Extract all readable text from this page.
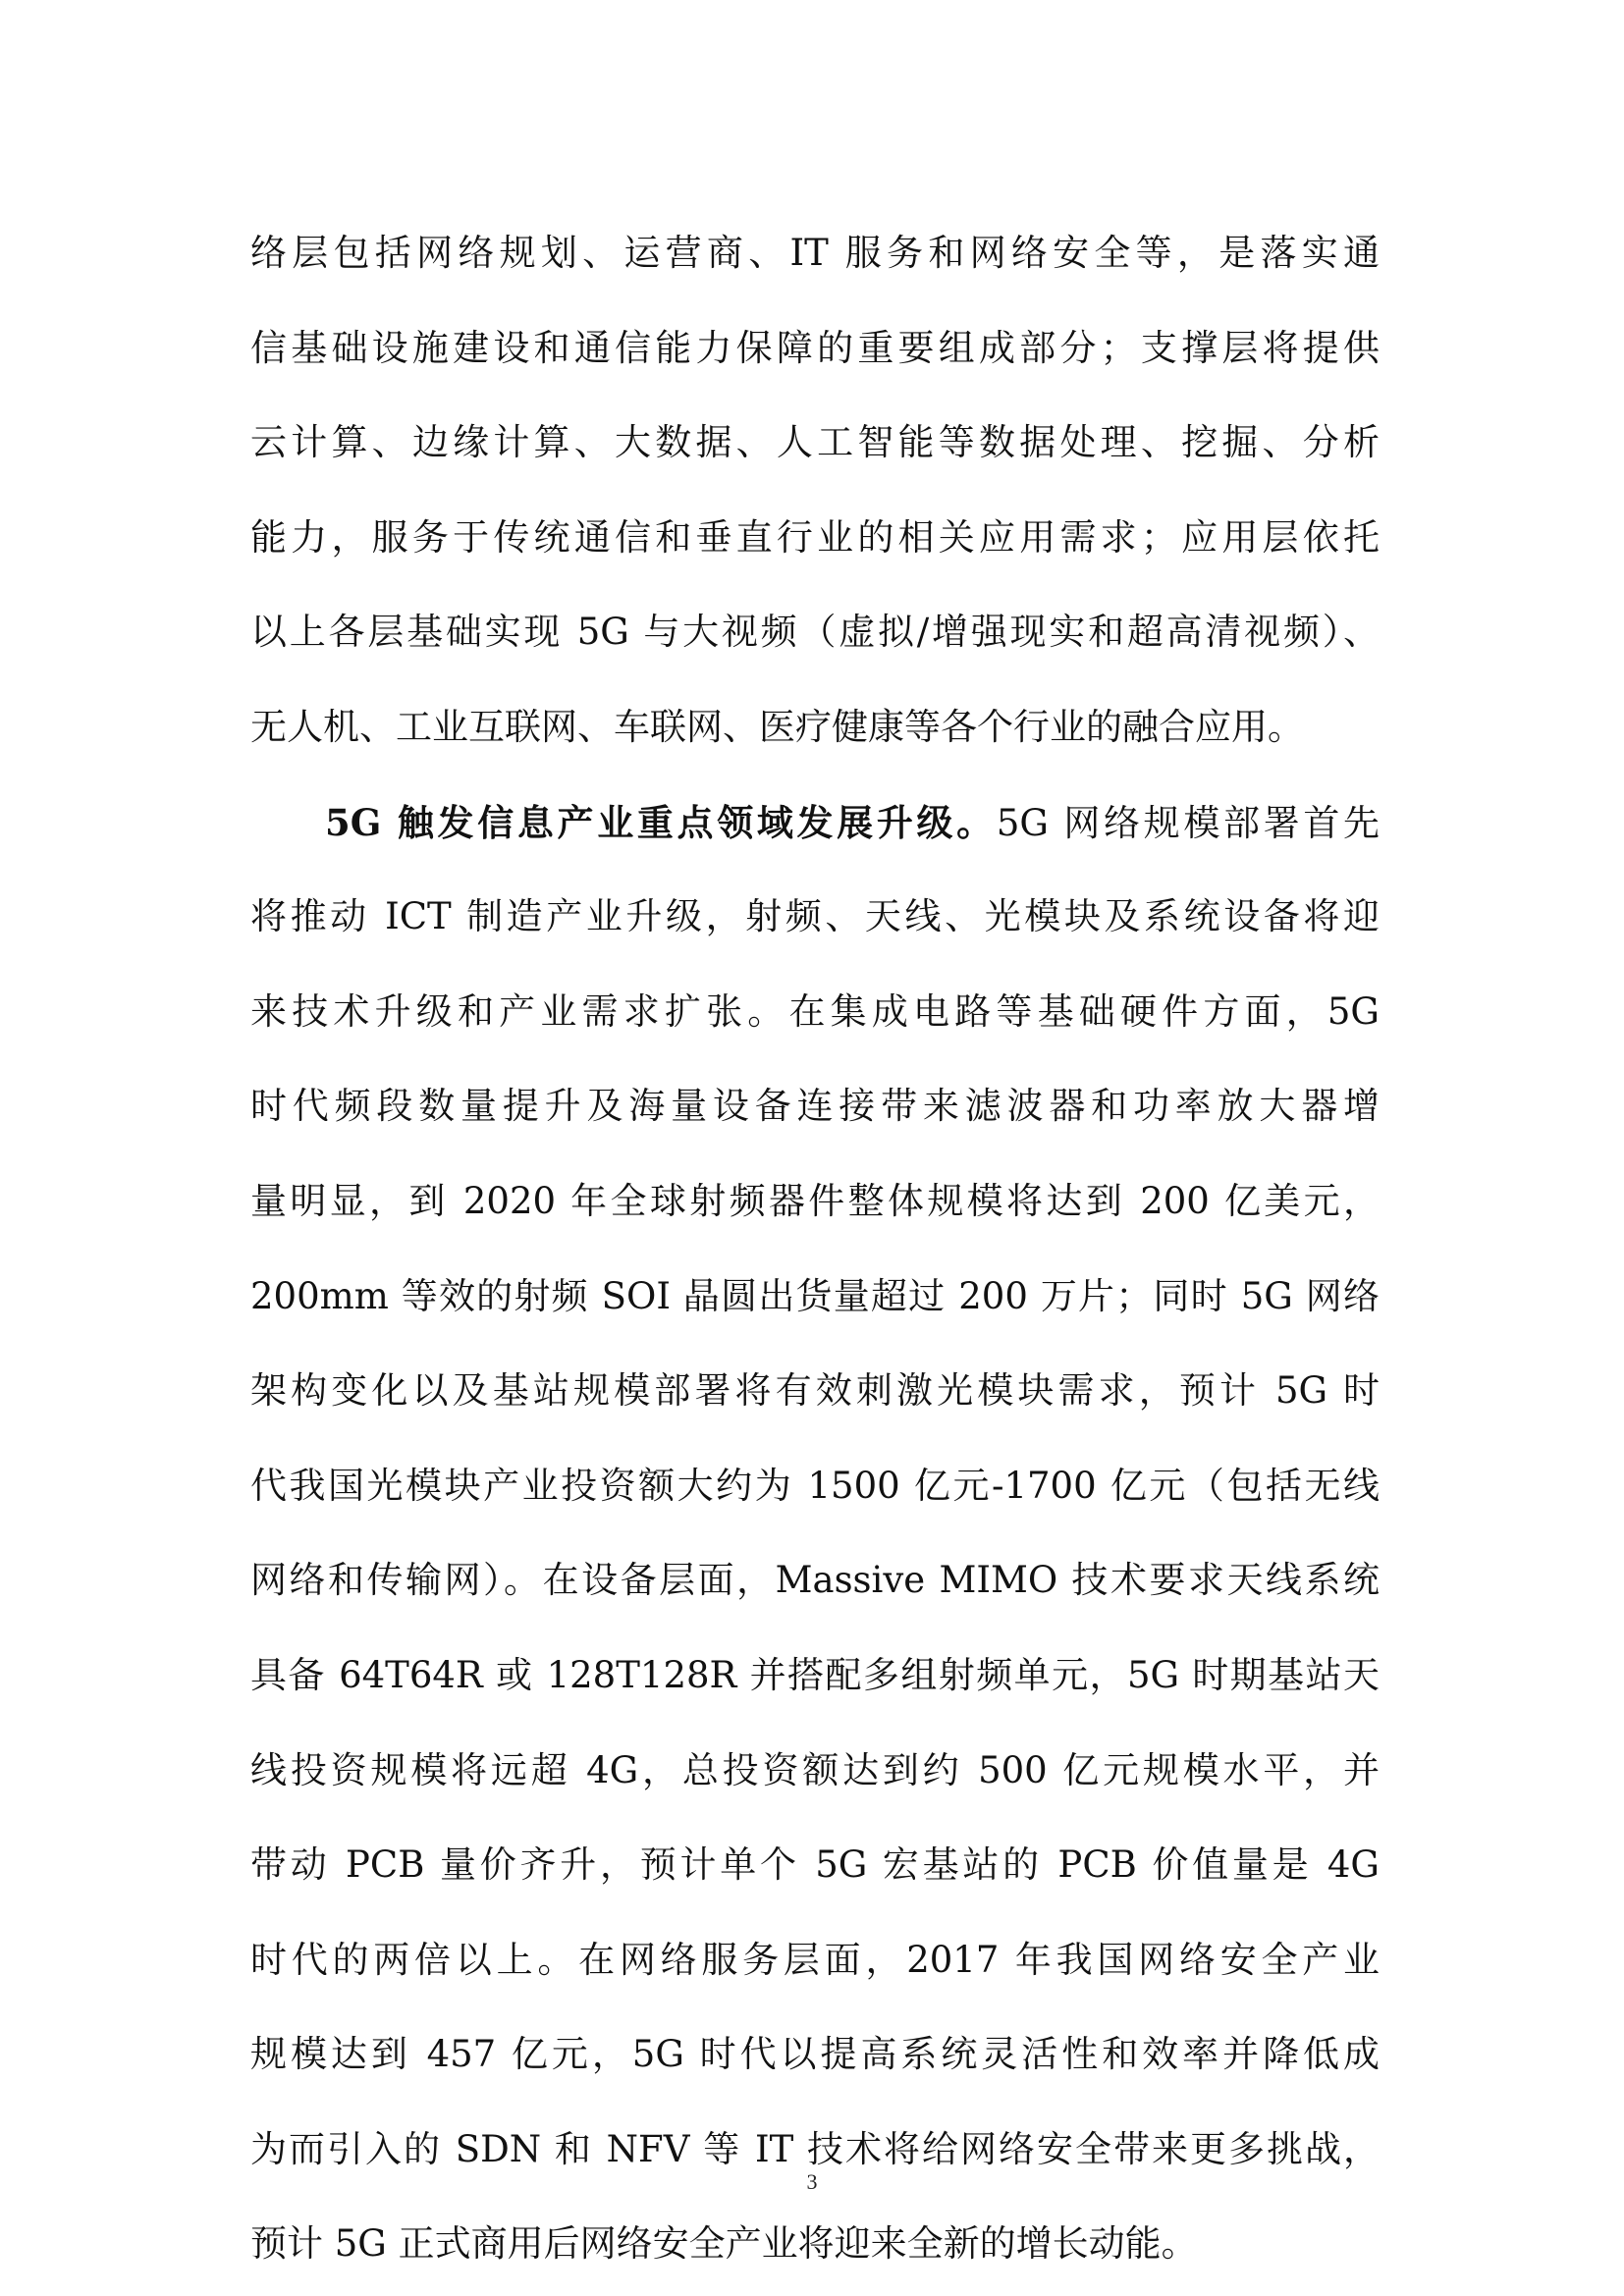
络层包括网络规划、运营商、IT 服务和网络安全等，是落实通
信基础设施建设和通信能力保障的重要组成部分；支撑层将提供
云计算、边缘计算、大数据、人工智能等数据处理、挖掘、分析
能力，服务于传统通信和垂直行业的相关应用需求；应用层依托
以上各层基础实现 5G 与大视频（虚拟/增强现实和超高清视频）、
无人机、工业互联网、车联网、医疗健康等各个行业的融合应用。
5G 触发信息产业重点领域发展升级。5G 网络规模部署首先
将推动 ICT 制造产业升级，射频、天线、光模块及系统设备将迎
来技术升级和产业需求扩张。在集成电路等基础硬件方面，5G
时代频段数量提升及海量设备连接带来滤波器和功率放大器增
量明显，到 2020 年全球射频器件整体规模将达到 200 亿美元，
200mm 等效的射频 SOI 晶圆出货量超过 200 万片；同时 5G 网络
架构变化以及基站规模部署将有效刺激光模块需求，预计 5G 时
代我国光模块产业投资额大约为 1500 亿元-1700 亿元（包括无线
网络和传输网）。在设备层面，Massive MIMO 技术要求天线系统
具备 64T64R 或 128T128R 并搭配多组射频单元，5G 时期基站天
线投资规模将远超 4G，总投资额达到约 500 亿元规模水平，并
带动 PCB 量价齐升，预计单个 5G 宏基站的 PCB 价值量是 4G
时代的两倍以上。在网络服务层面，2017 年我国网络安全产业
规模达到 457 亿元，5G 时代以提高系统灵活性和效率并降低成
为而引入的 SDN 和 NFV 等 IT 技术将给网络安全带来更多挑战，
预计 5G 正式商用后网络安全产业将迎来全新的增长动能。
3
